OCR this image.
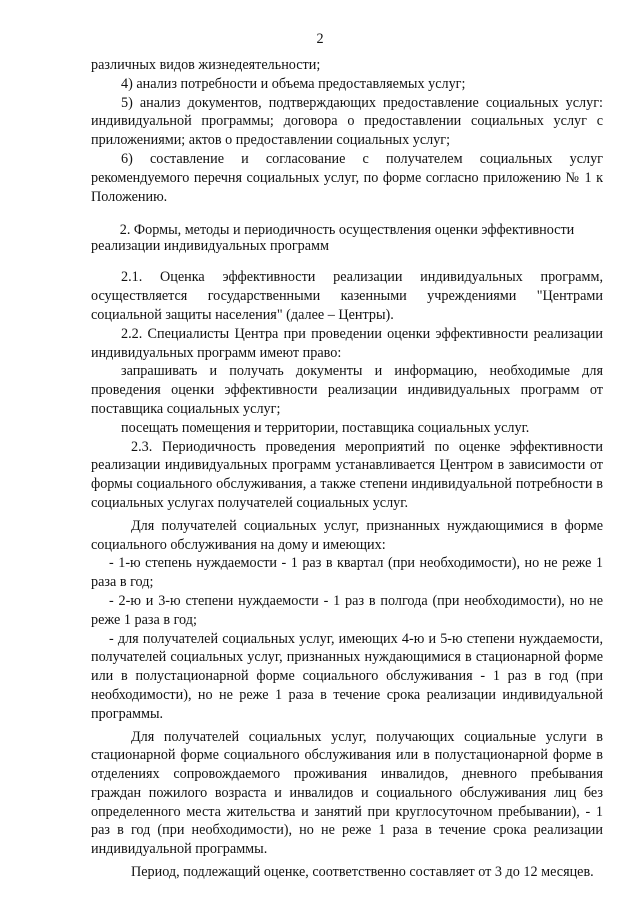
2

различных видов жизнедеятельности;

4) анализ потребности и объема предоставляемых услуг;

5) анализ документов, подтверждающих предоставление социальных услуг: индивидуальной программы; договора о предоставлении социальных услуг с приложениями; актов о предоставлении социальных услуг;

6) составление и согласование с получателем социальных услуг рекомендуемого перечня социальных услуг, по форме согласно приложению № 1 к Положению.

2. Формы, методы и периодичность осуществления оценки эффективности реализации индивидуальных программ

2.1. Оценка эффективности реализации индивидуальных программ, осуществляется государственными казенными учреждениями "Центрами социальной защиты населения" (далее – Центры).

2.2. Специалисты Центра при проведении оценки эффективности реализации индивидуальных программ имеют право:

запрашивать и получать документы и информацию, необходимые для проведения оценки эффективности реализации индивидуальных программ от поставщика социальных услуг;

посещать помещения и территории, поставщика социальных услуг.

2.3. Периодичность проведения мероприятий по оценке эффективности реализации индивидуальных программ устанавливается Центром в зависимости от формы социального обслуживания, а также степени индивидуальной потребности в социальных услугах получателей социальных услуг.

Для получателей социальных услуг, признанных нуждающимися в форме социального обслуживания на дому и имеющих:

- 1-ю степень нуждаемости - 1 раз в квартал (при необходимости), но не реже 1 раза в год;

- 2-ю и 3-ю степени нуждаемости - 1 раз в полгода (при необходимости), но не реже 1 раза в год;

- для получателей социальных услуг, имеющих 4-ю и 5-ю степени нуждаемости, получателей социальных услуг, признанных нуждающимися в стационарной форме или в полустационарной форме социального обслуживания - 1 раз в год (при необходимости), но не реже 1 раза в течение срока реализации индивидуальной программы.

Для получателей социальных услуг, получающих социальные услуги в стационарной форме социального обслуживания или в полустационарной форме в отделениях сопровождаемого проживания инвалидов, дневного пребывания граждан пожилого возраста и инвалидов и социального обслуживания лиц без определенного места жительства и занятий при круглосуточном пребывании), - 1 раз в год (при необходимости), но не реже 1 раза в течение срока реализации индивидуальной программы.

Период, подлежащий оценке, соответственно составляет от 3 до 12 месяцев.
